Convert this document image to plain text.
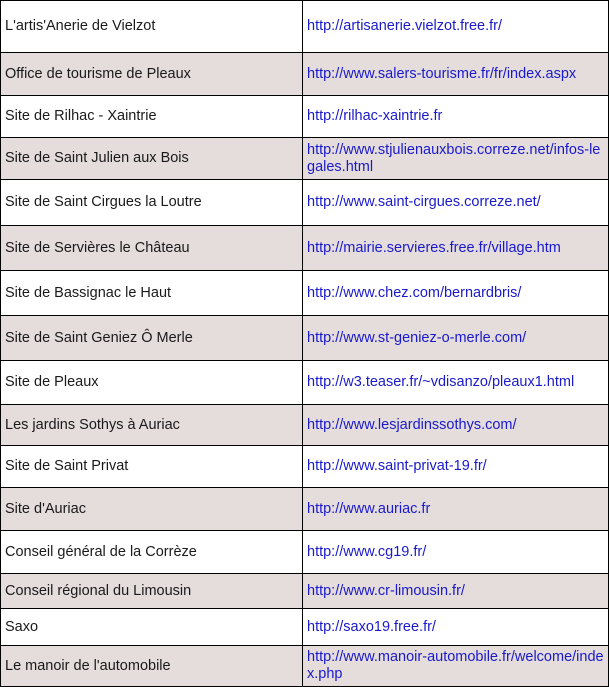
L'artis'Anerie de Vielzot	http://artisanerie.vielzot.free.fr/
Office de tourisme de Pleaux	http://www.salers-tourisme.fr/fr/index.aspx
Site de Rilhac - Xaintrie	http://rilhac-xaintrie.fr
Site de Saint Julien aux Bois	http://www.stjulienauxbois.correze.net/infos-legales.html
Site de Saint Cirgues la Loutre	http://www.saint-cirgues.correze.net/
Site de Servières le Château	http://mairie.servieres.free.fr/village.htm
Site de Bassignac le Haut	http://www.chez.com/bernardbris/
Site de Saint Geniez Ô Merle	http://www.st-geniez-o-merle.com/
Site de Pleaux	http://w3.teaser.fr/~vdisanzo/pleaux1.html
Les jardins Sothys à Auriac	http://www.lesjardinssothys.com/
Site de Saint Privat	http://www.saint-privat-19.fr/
Site d'Auriac	http://www.auriac.fr
Conseil général de la Corrèze	http://www.cg19.fr/
Conseil régional du Limousin	http://www.cr-limousin.fr/
Saxo	http://saxo19.free.fr/
Le manoir de l'automobile	http://www.manoir-automobile.fr/welcome/index.php
